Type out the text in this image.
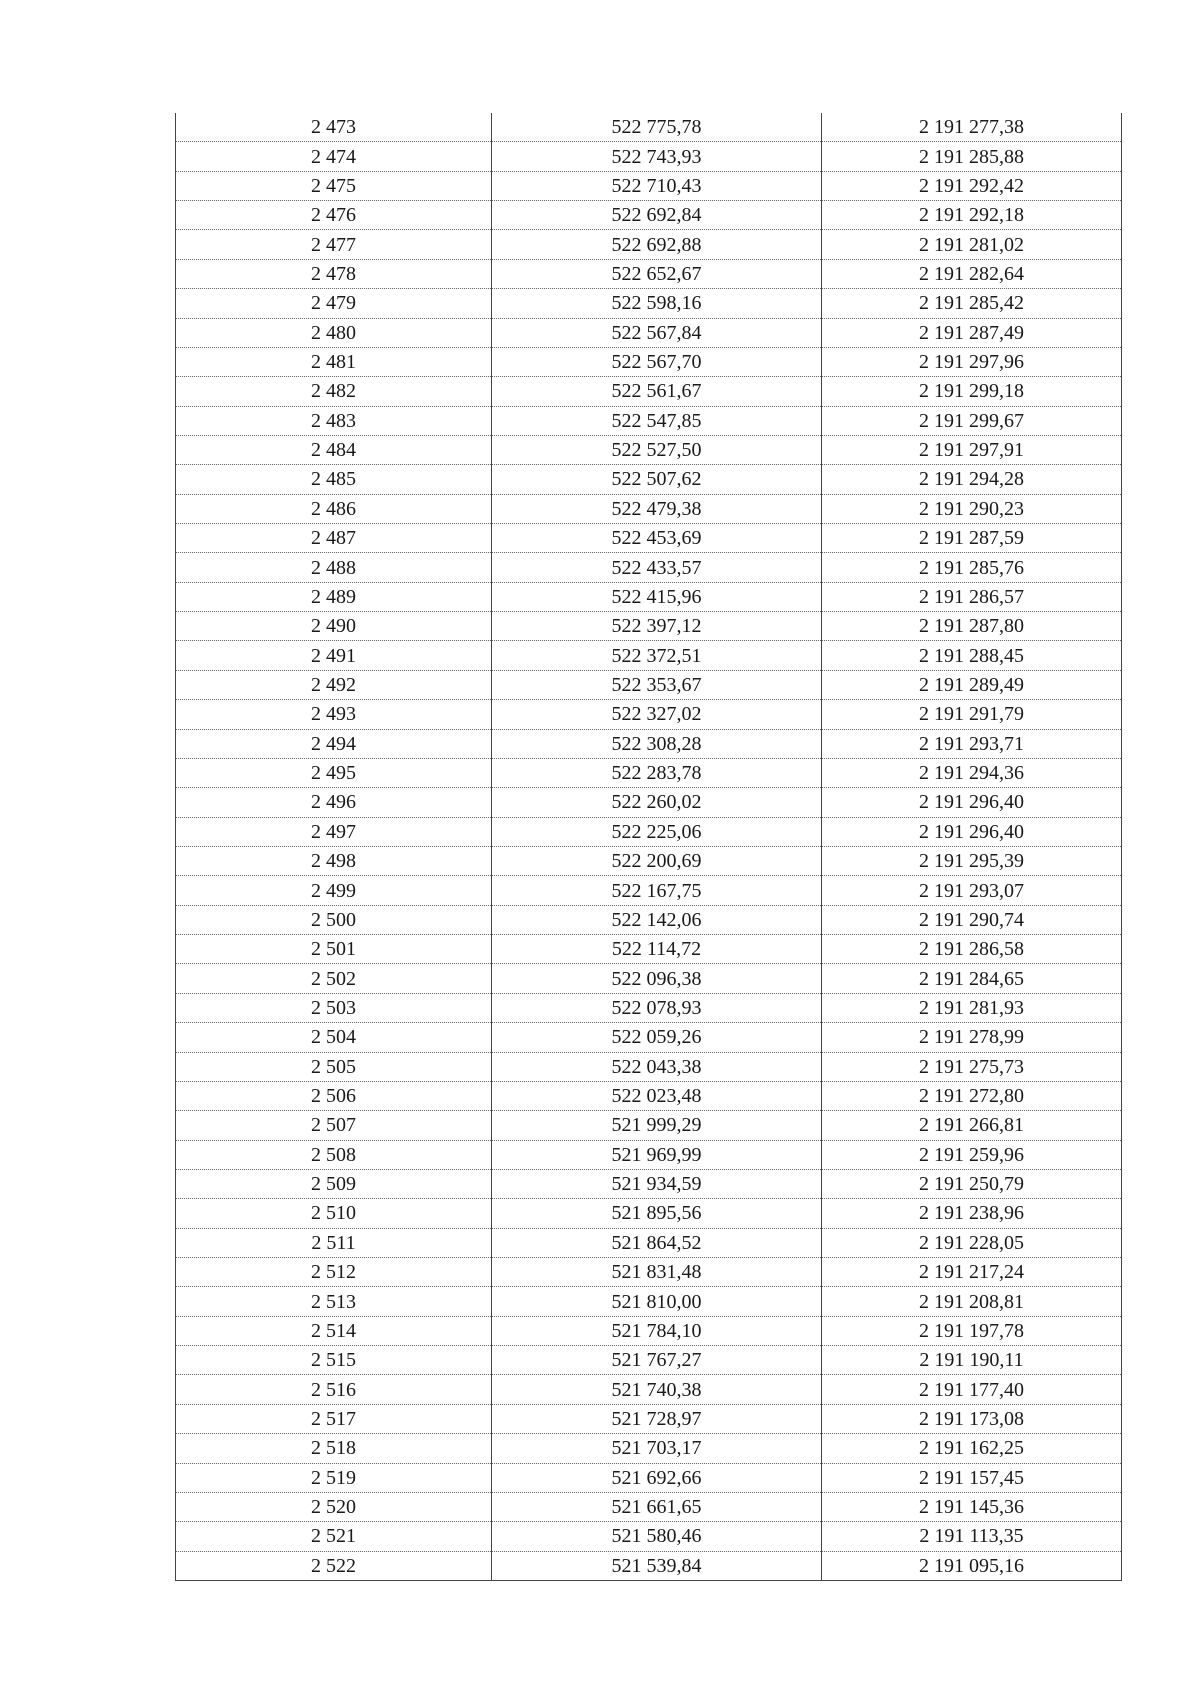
2 473	522 775,78	2 191 277,38
2 474	522 743,93	2 191 285,88
2 475	522 710,43	2 191 292,42
2 476	522 692,84	2 191 292,18
2 477	522 692,88	2 191 281,02
2 478	522 652,67	2 191 282,64
2 479	522 598,16	2 191 285,42
2 480	522 567,84	2 191 287,49
2 481	522 567,70	2 191 297,96
2 482	522 561,67	2 191 299,18
2 483	522 547,85	2 191 299,67
2 484	522 527,50	2 191 297,91
2 485	522 507,62	2 191 294,28
2 486	522 479,38	2 191 290,23
2 487	522 453,69	2 191 287,59
2 488	522 433,57	2 191 285,76
2 489	522 415,96	2 191 286,57
2 490	522 397,12	2 191 287,80
2 491	522 372,51	2 191 288,45
2 492	522 353,67	2 191 289,49
2 493	522 327,02	2 191 291,79
2 494	522 308,28	2 191 293,71
2 495	522 283,78	2 191 294,36
2 496	522 260,02	2 191 296,40
2 497	522 225,06	2 191 296,40
2 498	522 200,69	2 191 295,39
2 499	522 167,75	2 191 293,07
2 500	522 142,06	2 191 290,74
2 501	522 114,72	2 191 286,58
2 502	522 096,38	2 191 284,65
2 503	522 078,93	2 191 281,93
2 504	522 059,26	2 191 278,99
2 505	522 043,38	2 191 275,73
2 506	522 023,48	2 191 272,80
2 507	521 999,29	2 191 266,81
2 508	521 969,99	2 191 259,96
2 509	521 934,59	2 191 250,79
2 510	521 895,56	2 191 238,96
2 511	521 864,52	2 191 228,05
2 512	521 831,48	2 191 217,24
2 513	521 810,00	2 191 208,81
2 514	521 784,10	2 191 197,78
2 515	521 767,27	2 191 190,11
2 516	521 740,38	2 191 177,40
2 517	521 728,97	2 191 173,08
2 518	521 703,17	2 191 162,25
2 519	521 692,66	2 191 157,45
2 520	521 661,65	2 191 145,36
2 521	521 580,46	2 191 113,35
2 522	521 539,84	2 191 095,16
